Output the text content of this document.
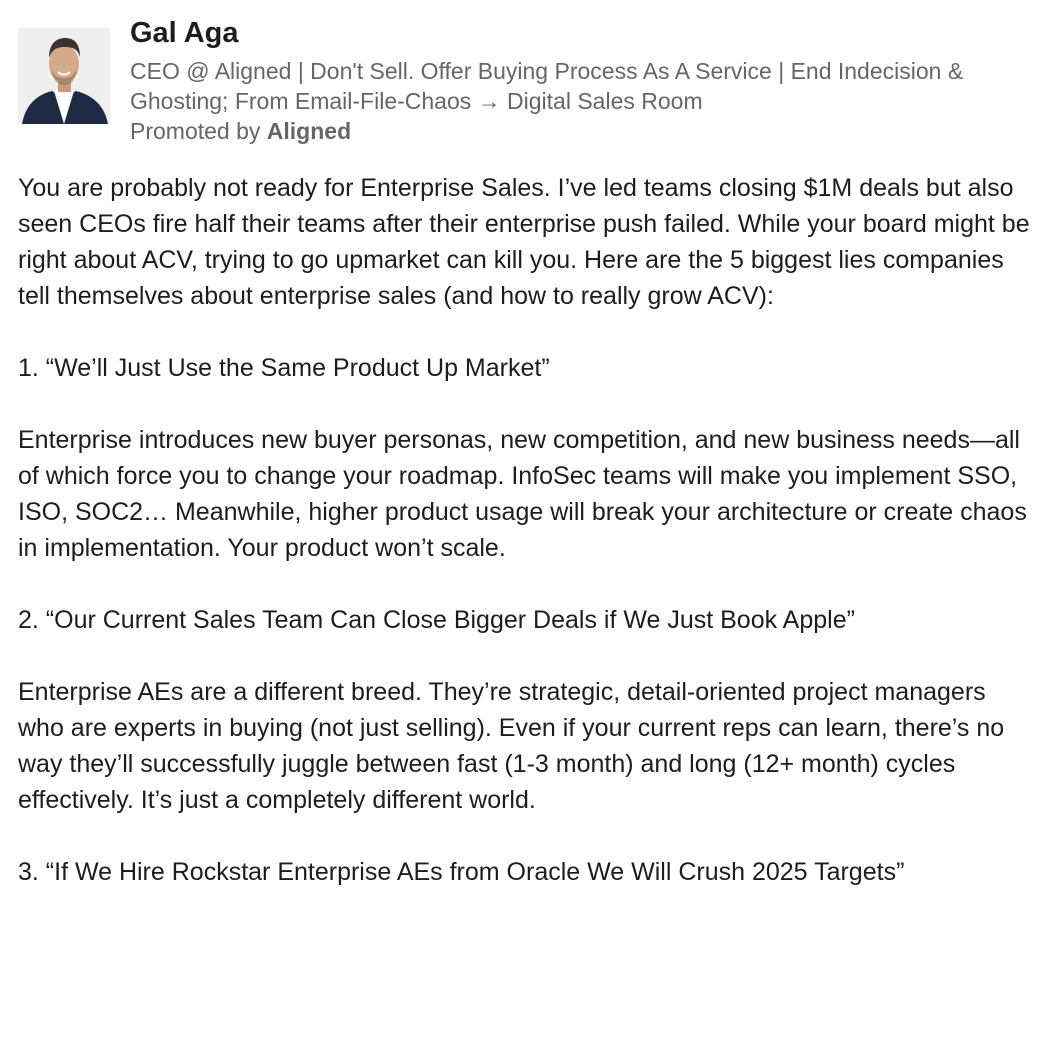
Gal Aga
CEO @ Aligned | Don't Sell. Offer Buying Process As A Service | End Indecision & Ghosting; From Email-File-Chaos → Digital Sales Room
Promoted by Aligned

You are probably not ready for Enterprise Sales. I’ve led teams closing $1M deals but also seen CEOs fire half their teams after their enterprise push failed. While your board might be right about ACV, trying to go upmarket can kill you. Here are the 5 biggest lies companies tell themselves about enterprise sales (and how to really grow ACV):

1. “We’ll Just Use the Same Product Up Market”

Enterprise introduces new buyer personas, new competition, and new business needs—all of which force you to change your roadmap. InfoSec teams will make you implement SSO, ISO, SOC2… Meanwhile, higher product usage will break your architecture or create chaos in implementation. Your product won’t scale.

2. “Our Current Sales Team Can Close Bigger Deals if We Just Book Apple”

Enterprise AEs are a different breed. They’re strategic, detail-oriented project managers who are experts in buying (not just selling). Even if your current reps can learn, there’s no way they’ll successfully juggle between fast (1-3 month) and long (12+ month) cycles effectively. It’s just a completely different world.

3. “If We Hire Rockstar Enterprise AEs from Oracle We Will Crush 2025 Targets”
